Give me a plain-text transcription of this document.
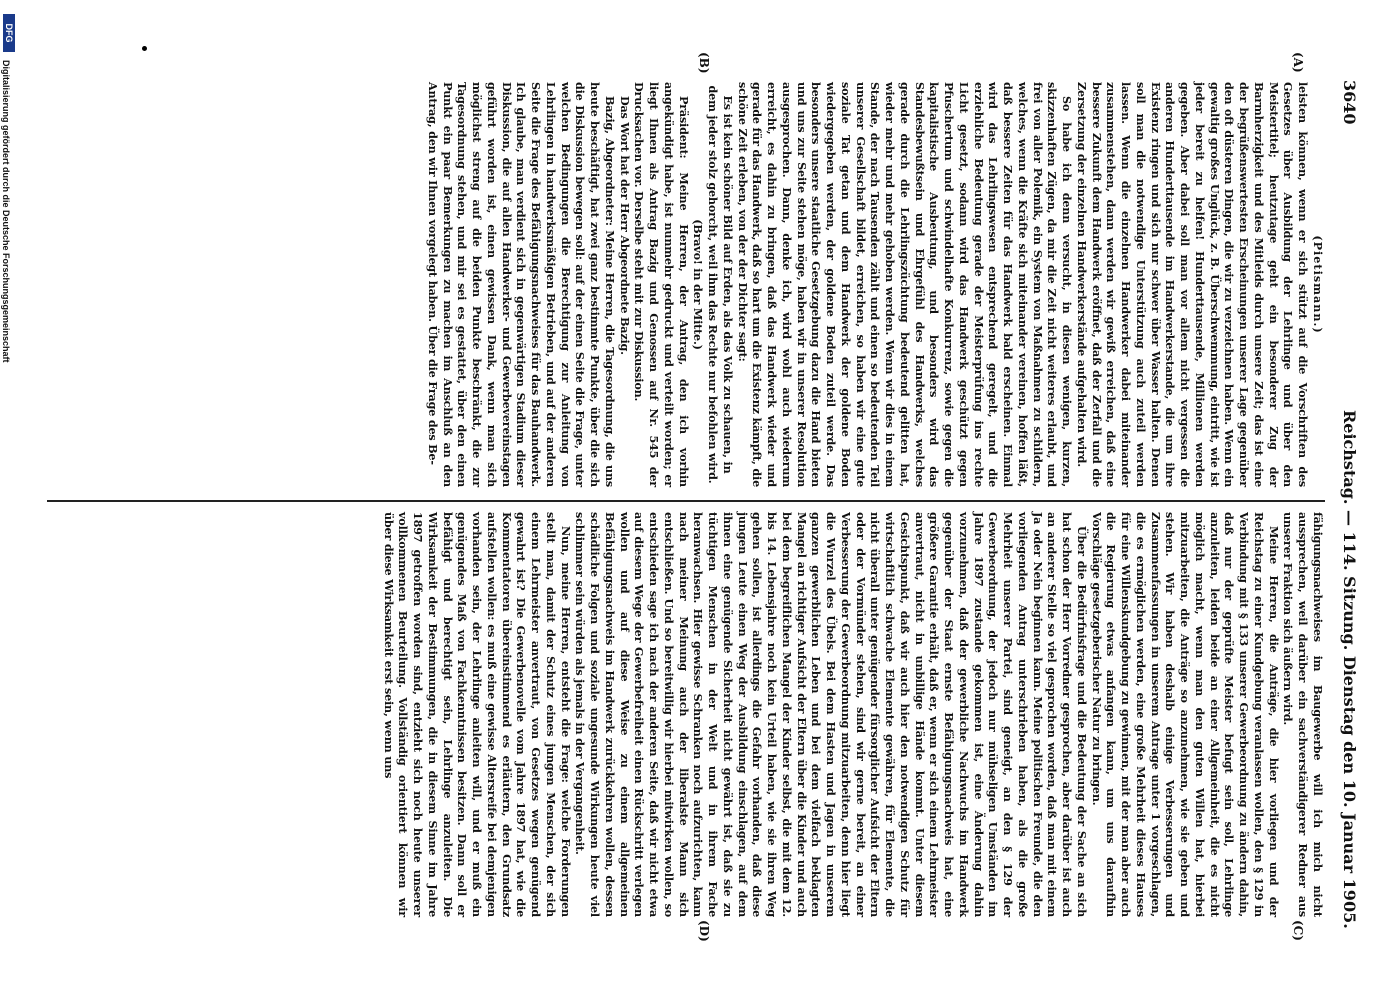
3640
Reichstag. — 114. Sitzung. Dienstag den 10. Januar 1905.
(A)
(B)
(C)
(D)

(Pietismann.)

leisten können, wenn er sich stützt auf die Vorschriften des Gesetzes über Ausbildung der Lehrlinge und über den Meistertitel; heutzutage geht ein besonderer Zug der Barmherzigkeit und des Mitleids durch unsere Zeit; das ist eine der begrüßenswertesten Erscheinungen unserer Lage gegenüber den oft düsteren Dingen, die wir zu verzeichnen haben. Wenn ein gewaltig großes Unglück, z. B. Überschwemmung, eintritt, wie ist jeder bereit zu helfen! Hunderttausende, Millionen werden gegeben. Aber dabei soll man vor allem nicht vergessen die anderen Hunderttausende im Handwerkerstande, die um ihre Existenz ringen und sich nur schwer über Wasser halten. Denen soll man die notwendige Unterstützung auch zuteil werden lassen. Wenn die einzelnen Handwerker dabei miteinander zusammenstehen, dann werden wir gewiß erreichen, daß eine bessere Zukunft dem Handwerk eröffnet, daß der Zerfall und die Zersetzung der einzelnen Handwerkerstände aufgehalten wird.

So habe ich denn versucht, in diesen wenigen, kurzen, skizzenhaften Zügen, da mir die Zeit nicht weiteres erlaubt, und frei von aller Polemik, ein System von Maßnahmen zu schildern, welches, wenn die Kräfte sich miteinander vereinen, hoffen läßt, daß bessere Zeiten für das Handwerk bald erscheinen. Einmal wird das Lehrlingswesen entsprechend geregelt, und die erziehliche Bedeutung gerade der Meisterprüfung ins rechte Licht gesetzt, sodann wird das Handwerk geschützt gegen Pfuschertum und schwindelhafte Konkurrenz, sowie gegen die kapitalistische Ausbeutung, und besonders wird das Standesbewußtsein und Ehrgefühl des Handwerks, welches gerade durch die Lehrlingszüchtung bedeutend gelitten hat, wieder mehr und mehr gehoben werden. Wenn wir dies in einem Stande, der nach Tausenden zählt und einen so bedeutenden Teil unserer Gesellschaft bildet, erreichen, so haben wir eine gute soziale Tat getan und dem Handwerk der goldene Boden wiedergegeben werden, der goldene Boden zuteil werde. Das besonders unsere staatliche Gesetzgebung dazu die Hand bieten und uns zur Seite stehen möge, haben wir in unserer Resolution ausgesprochen. Dann, denke ich, wird wohl auch wiederum erreicht, es dahin zu bringen, daß das Handwerk wieder und gerade für das Handwerk, daß so hart um die Existenz kämpft, die schöne Zeit erleben, von der der Dichter sagt:

Es ist kein schöner Bild auf Erden, als das Volk zu schauen, in dem jeder stolz gehorcht, weil ihm das Rechte nur befohlen wird.

(Bravo! in der Mitte.)

Präsident: Meine Herren, der Antrag, den ich vorhin angekündigt habe, ist nunmehr gedruckt und verteilt worden; er liegt Ihnen als Antrag Bazig und Genossen auf Nr. 545 der Drucksachen vor. Derselbe steht mit zur Diskussion.

Das Wort hat der Herr Abgeordnete Bazig.

Bazig, Abgeordneter: Meine Herren, die Tagesordnung, die uns heute beschäftigt, hat zwei ganz bestimmte Punkte, über die sich die Diskussion bewegen soll: auf der einen Seite die Frage, unter welchen Bedingungen die Berechtigung zur Anleitung von Lehrlingen in handwerksmäßigen Betrieben, und auf der anderen Seite die Frage des Befähigungsnachweises für das Bauhandwerk. Ich glaube, man verdient sich in gegenwärtigen Stadium dieser Diskussion, die auf allen Handwerker- und Gewerbevereinstagen geführt worden ist, einen gewissen Dank, wenn man sich möglichst streng auf die beiden Punkte beschränkt, die zur Tagesordnung stehen, und mir sei es gestattet, über den einen Punkt ein paar Bemerkungen zu machen im Anschluß an den Antrag, den wir Ihnen vorgelegt haben. Über die Frage des Be-

fähigungsnachweises im Baugewerbe will ich mich nicht aussprechen, weil darüber ein sachverständigerer Redner aus unserer Fraktion sich äußern wird.

Meine Herren, die Anträge, die hier vorliegen und der Reichstag zu einer Kundgebung veranlassen wollen, den § 129 in Verbindung mit § 133 unserer Gewerbeordnung zu ändern dahin, daß nur der geprüfte Meister befugt sein soll, Lehrlinge anzuleiten, leiden beide an einer Allgemeinheit, die es nicht möglich macht, wenn man den guten Willen hat, hierbei mitzuarbeiten, die Anträge so anzunehmen, wie sie geben und stehen. Wir haben deshalb einige Verbesserungen und Zusammenfassungen in unserem Antrage unter 1 vorgeschlagen, die es ermöglichen werden, eine große Mehrheit dieses Hauses für eine Willenskundgebung zu gewinnen, mit der man aber auch die Regierung etwas anfangen kann, um uns daraufhin Vorschläge gesetzgeberischer Natur zu bringen.

Über die Bedürfnisfrage und die Bedeutung der Sache an sich hat schon der Herr Vorredner gesprochen, aber darüber ist auch an anderer Stelle so viel gesprochen worden, daß man mit einem Ja oder Nein beginnen kann. Meine politischen Freunde, die den vorliegenden Antrag unterschrieben haben, als die große Mehrheit unserer Partei, sind geneigt, an den § 129 der Gewerbeordnung, der jedoch nur mühseligen Umständen im Jahre 1897 zustande gekommen ist, eine Änderung dahin vorzunehmen, daß der gewerbliche Nachwuchs im Handwerk gegenüber der Staat ernste Befähigungsnachweis hat, eine größere Garantie erhält, daß er, wenn er sich einem Lehrmeister anvertraut, nicht in unbillige Hände kommt. Unter diesem Gesichtspunkt, daß wir auch hier den notwendigen Schutz für wirtschaftlich schwache Elemente gewähren, für Elemente, die nicht überall unter genügender fürsorglicher Aufsicht der Eltern oder der Vormünder stehen, sind wir gerne bereit, an einer Verbesserung der Gewerbeordnung mitzuarbeiten, denn hier liegt die Wurzel des Übels. Bei dem Hasten und Jagen in unserem ganzen gewerblichen Leben und bei dem vielfach beklagten Mangel an richtiger Aufsicht der Eltern über die Kinder und auch bei dem begreiflichen Mangel der Kinder selbst, die mit dem 12. bis 14. Lebensjahre noch kein Urteil haben, wie sie ihren Weg gehen sollen, ist allerdings die Gefahr vorhanden, daß diese jungen Leute einen Weg der Ausbildung einschlagen, auf dem ihnen eine genügende Sicherheit nicht gewährt ist, daß sie zu tüchtigen Menschen in der Welt und in ihrem Fache heranwachsen. Hier gewisse Schranken noch aufzurichten, kann nach meiner Meinung auch der liberalste Mann sich entschließen. Und so bereitwillig wir hierbei mitwirken wollen, so entschieden sage ich nach der anderen Seite, daß wir nicht etwa auf diesem Wege der Gewerbefreiheit einen Rückschritt verlegen wollen und auf diese Weise zu einem allgemeinen Befähigungsnachweis im Handwerk zurückkehren wollen, dessen schädliche Folgen und soziale ungesunde Wirkungen heute viel schlimmer sein würden als jemals in der Vergangenheit.

Nun, meine Herren, entsteht die Frage: welche Forderungen stellt man, damit der Schutz eines jungen Menschen, der sich einem Lehrmeister anvertraut, von Gesetzes wegen genügend gewahrt ist? Die Gewerbenovelle vom Jahre 1897 hat, wie die Kommentatoren übereinstimmend es erläutern, den Grundsatz aufstellen wollen: es muß eine gewisse Altersreife bei demjenigen vorhanden sein, der Lehrlinge anleiten will, und er muß ein genügendes Maß von Fachkenntnissen besitzen. Dann soll er befähigt und berechtigt sein, Lehrlinge anzuleiten. Die Wirksamkeit der Bestimmungen, die in diesem Sinne im Jahre 1897 getroffen worden sind, entzieht sich noch heute unserer vollkommenen Beurteilung. Vollständig orientiert können wir über diese Wirksamkeit erst sein, wenn uns

DFG
Digitalisierung gefördert durch die Deutsche Forschungsgemeinschaft
